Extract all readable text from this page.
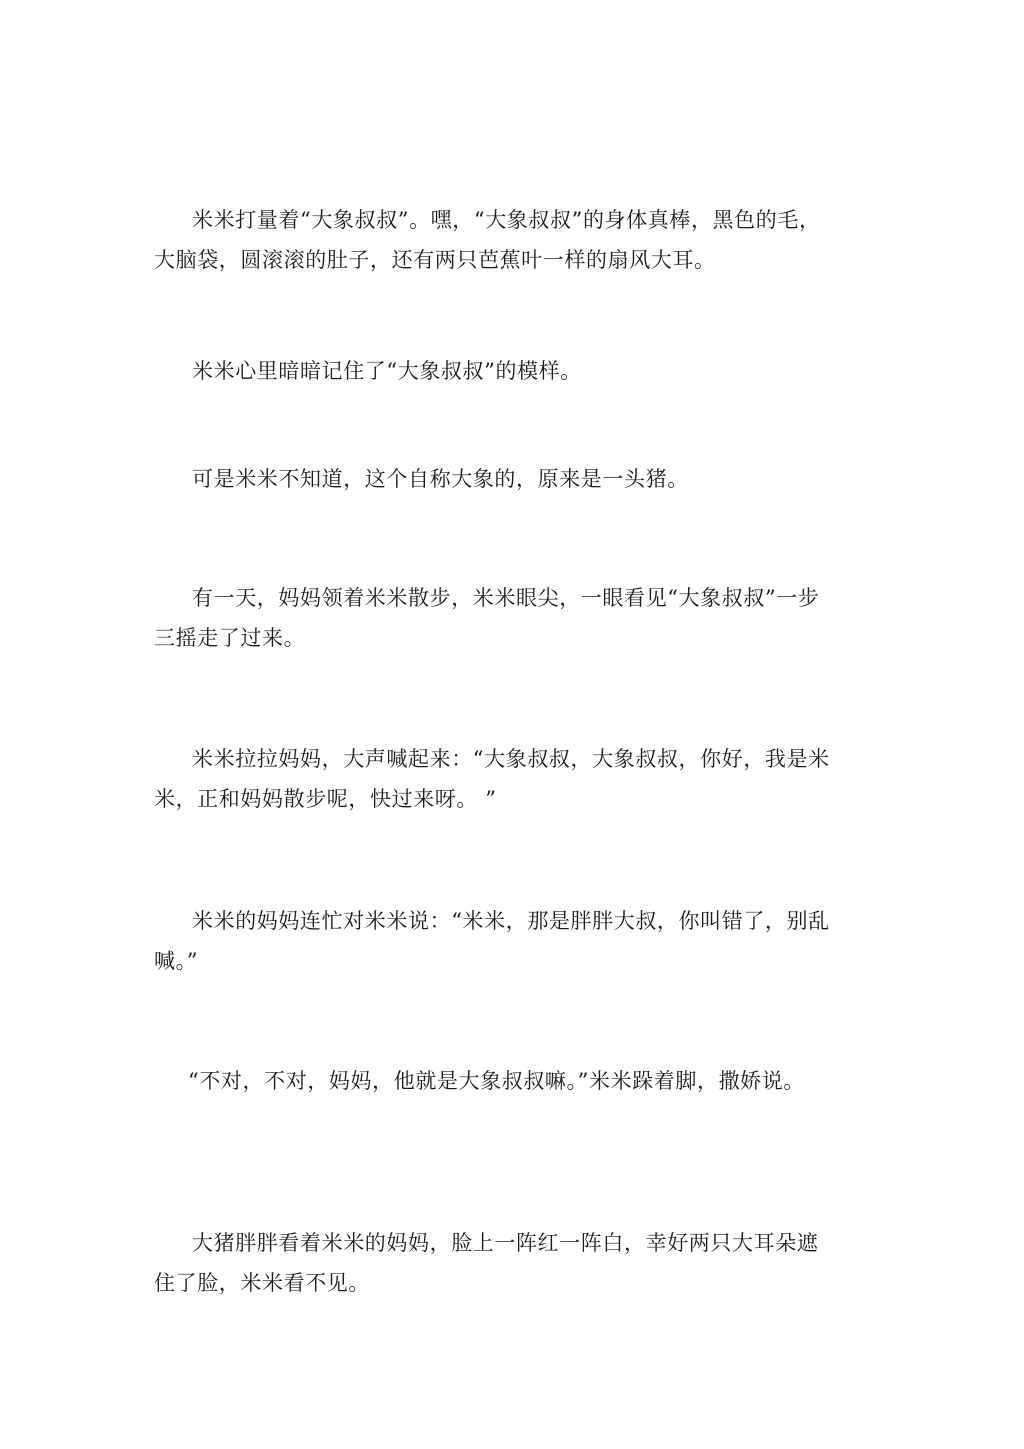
米米打量着“大象叔叔”。嘿，“大象叔叔”的身体真棒，黑色的毛，大脑袋，圆滚滚的肚子，还有两只芭蕉叶一样的扇风大耳。

米米心里暗暗记住了“大象叔叔”的模样。

可是米米不知道，这个自称大象的，原来是一头猪。

有一天，妈妈领着米米散步，米米眼尖，一眼看见“大象叔叔”一步三摇走了过来。

米米拉拉妈妈，大声喊起来：“大象叔叔，大象叔叔，你好，我是米米，正和妈妈散步呢，快过来呀。 ”

米米的妈妈连忙对米米说：“米米，那是胖胖大叔，你叫错了，别乱喊。”

“不对，不对，妈妈，他就是大象叔叔嘛。”米米跺着脚，撒娇说。

大猪胖胖看着米米的妈妈，脸上一阵红一阵白，幸好两只大耳朵遮住了脸，米米看不见。
